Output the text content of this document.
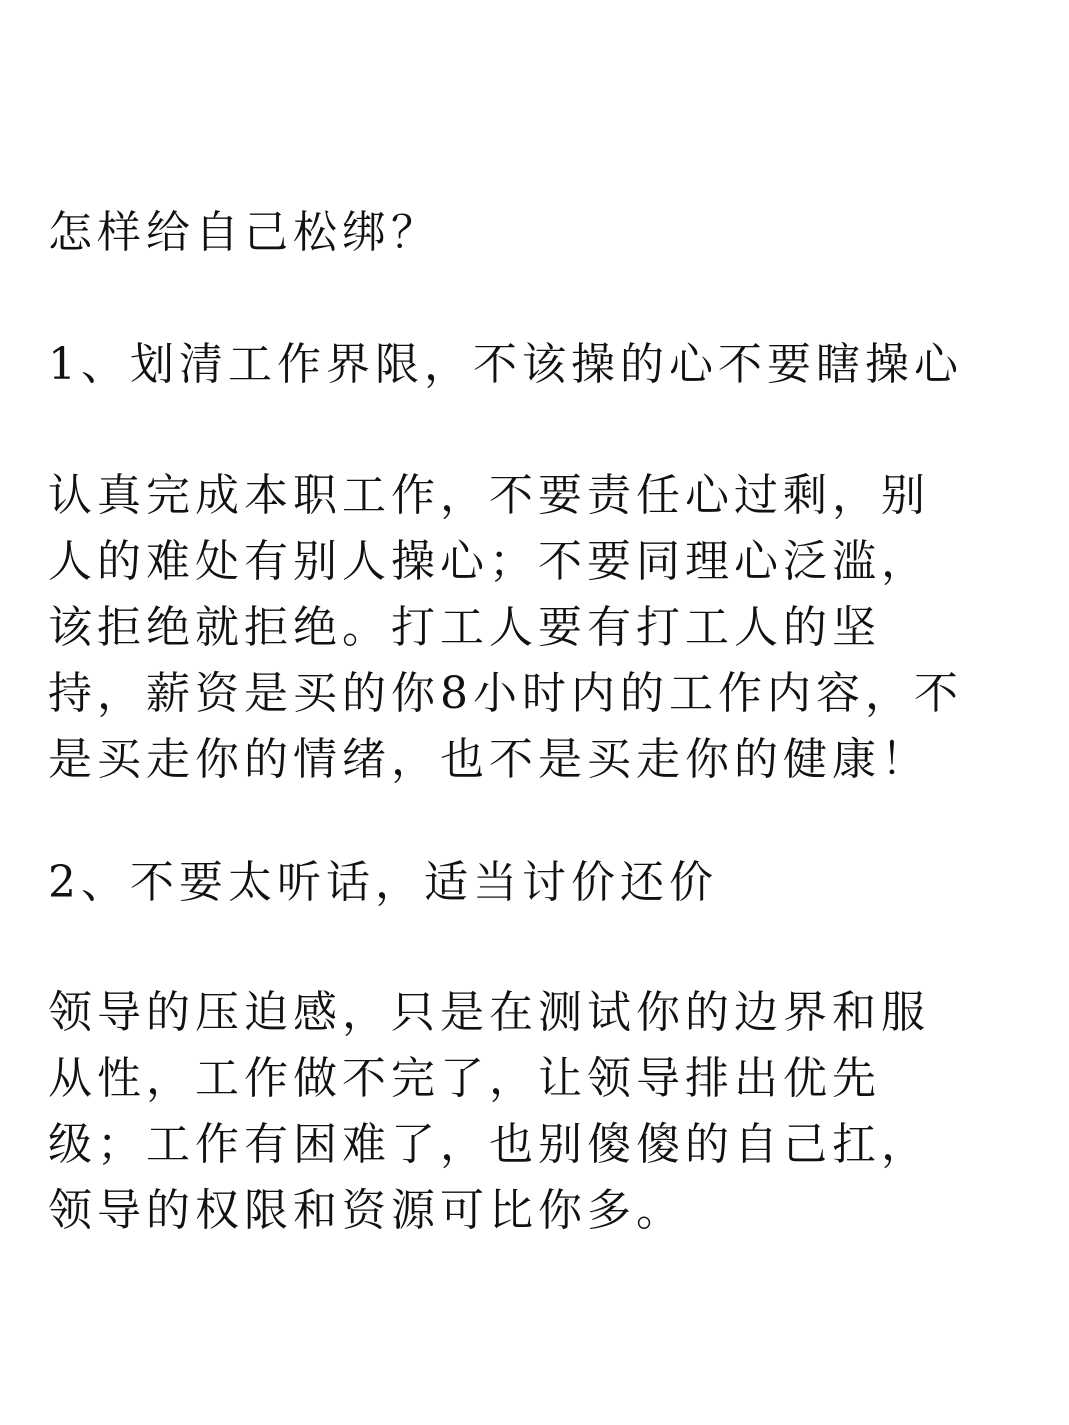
怎样给自己松绑？
1、划清工作界限，不该操的心不要瞎操心

认真完成本职工作，不要责任心过剩，别

人的难处有别人操心；不要同理心泛滥，

该拒绝就拒绝。打工人要有打工人的坚

持，薪资是买的你8小时内的工作内容，不

是买走你的情绪，也不是买走你的健康！

2、不要太听话，适当讨价还价

领导的压迫感，只是在测试你的边界和服

从性，工作做不完了，让领导排出优先

级；工作有困难了，也别傻傻的自己扛，

领导的权限和资源可比你多。
